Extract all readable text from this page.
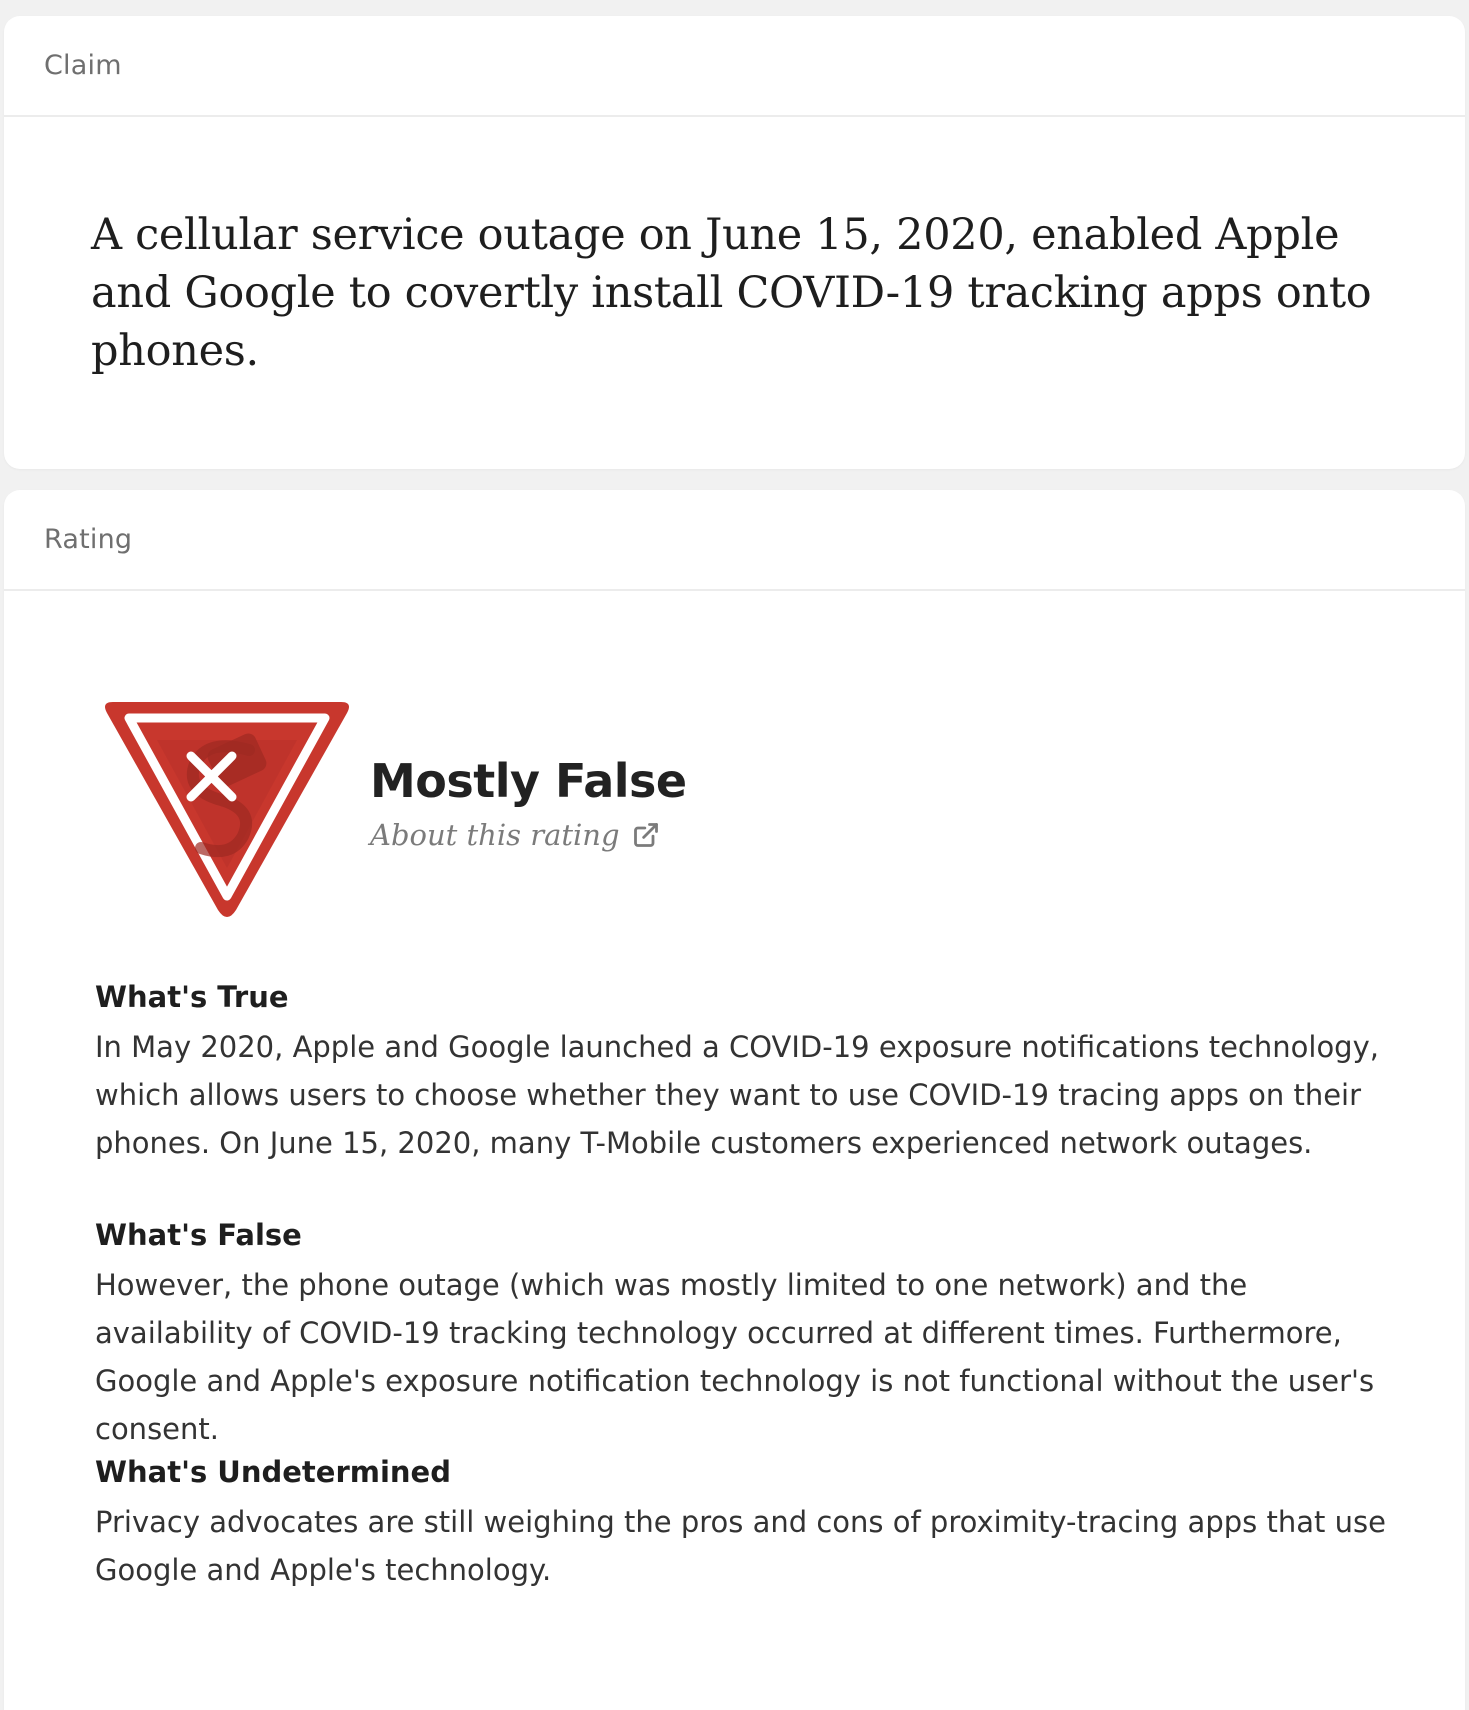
Claim

A cellular service outage on June 15, 2020, enabled Apple and Google to covertly install COVID-19 tracking apps onto phones.

Rating
Mostly False
About this rating
What's True

In May 2020, Apple and Google launched a COVID-19 exposure notifications technology, which allows users to choose whether they want to use COVID-19 tracing apps on their phones. On June 15, 2020, many T-Mobile customers experienced network outages.

What's False

However, the phone outage (which was mostly limited to one network) and the availability of COVID-19 tracking technology occurred at different times. Furthermore, Google and Apple's exposure notification technology is not functional without the user's consent.

What's Undetermined

Privacy advocates are still weighing the pros and cons of proximity-tracing apps that use Google and Apple's technology.
